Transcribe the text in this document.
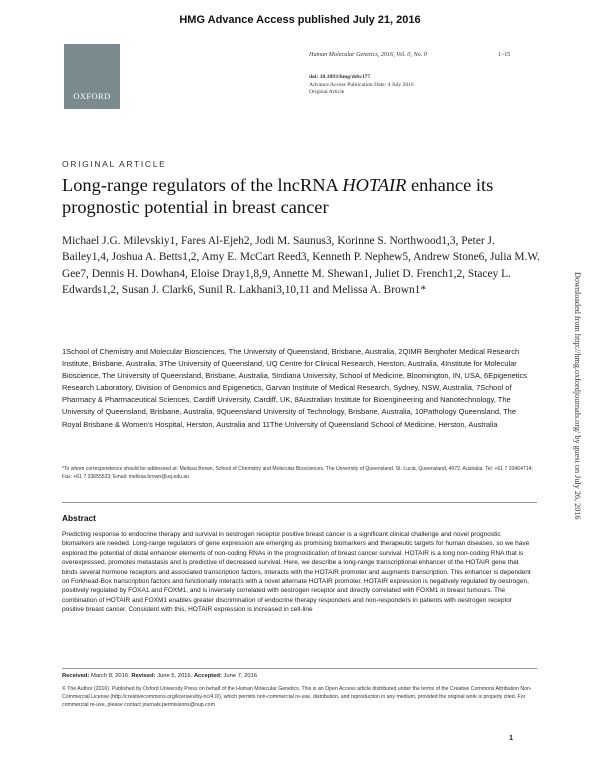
HMG Advance Access published July 21, 2016
OXFORD
Human Molecular Genetics, 2016, Vol. 0, No. 0	1–15
doi: 10.1093/hmg/ddw177
Advance Access Publication Date: 4 July 2016
Original Article
ORIGINAL ARTICLE
Long-range regulators of the lncRNA HOTAIR enhance its prognostic potential in breast cancer
Michael J.G. Milevskiy1, Fares Al-Ejeh2, Jodi M. Saunus3, Korinne S. Northwood1,3, Peter J. Bailey1,4, Joshua A. Betts1,2, Amy E. McCart Reed3, Kenneth P. Nephew5, Andrew Stone6, Julia M.W. Gee7, Dennis H. Dowhan4, Eloise Dray1,8,9, Annette M. Shewan1, Juliet D. French1,2, Stacey L. Edwards1,2, Susan J. Clark6, Sunil R. Lakhani3,10,11 and Melissa A. Brown1*
1School of Chemistry and Molecular Biosciences, The University of Queensland, Brisbane, Australia, 2QIMR Berghofer Medical Research Institute, Brisbane, Australia, 3The University of Queensland, UQ Centre for Clinical Research, Herston, Australia, 4Institute for Molecular Bioscience, The University of Queensland, Brisbane, Australia, 5Indiana University, School of Medicine, Bloomington, IN, USA, 6Epigenetics Research Laboratory, Division of Genomics and Epigenetics, Garvan Institute of Medical Research, Sydney, NSW, Australia, 7School of Pharmacy & Pharmaceutical Sciences, Cardiff University, Cardiff, UK, 8Australian Institute for Bioengineering and Nanotechnology, The University of Queensland, Brisbane, Australia, 9Queensland University of Technology, Brisbane, Australia, 10Pathology Queensland, The Royal Brisbane & Women's Hospital, Herston, Australia and 11The University of Queensland School of Medicine, Herston, Australia
*To whom correspondence should be addressed at: Melissa Brown, School of Chemistry and Molecular Biosciences, The University of Queensland, St. Lucia, Queensland, 4072, Australia. Tel: +61 7 33464714; Fax: +61 7 33655533; Email: melissa.brown@uq.edu.au
Abstract
Predicting response to endocrine therapy and survival in oestrogen receptor positive breast cancer is a significant clinical challenge and novel prognostic biomarkers are needed. Long-range regulators of gene expression are emerging as promising biomarkers and therapeutic targets for human diseases, so we have explored the potential of distal enhancer elements of non-coding RNAs in the prognostication of breast cancer survival. HOTAIR is a long non-coding RNA that is overexpressed, promotes metastasis and is predictive of decreased survival. Here, we describe a long-range transcriptional enhancer of the HOTAIR gene that binds several hormone receptors and associated transcription factors, interacts with the HOTAIR promoter and augments transcription. This enhancer is dependent on Forkhead-Box transcription factors and functionally interacts with a novel alternate HOTAIR promoter. HOTAIR expression is negatively regulated by oestrogen, positively regulated by FOXA1 and FOXM1, and is inversely correlated with oestrogen receptor and directly correlated with FOXM1 in breast tumours. The combination of HOTAIR and FOXM1 enables greater discrimination of endocrine therapy responders and non-responders in patients with oestrogen receptor positive breast cancer. Consistent with this, HOTAIR expression is increased in cell-line
Received: March 8, 2016. Revised: June 5, 2016. Accepted: June 7, 2016
© The Author (2016). Published by Oxford University Press on behalf of the Human Molecular Genetics. This is an Open Access article distributed under the terms of the Creative Commons Attribution Non-Commercial License (http://creativecommons.org/licenses/by-nc/4.0/), which permits non-commercial re-use, distribution, and reproduction in any medium, provided the original work is properly cited. For commercial re-use, please contact journals.permissions@oup.com
1
Downloaded from http://hmg.oxfordjournals.org/ by guest on July 26, 2016
